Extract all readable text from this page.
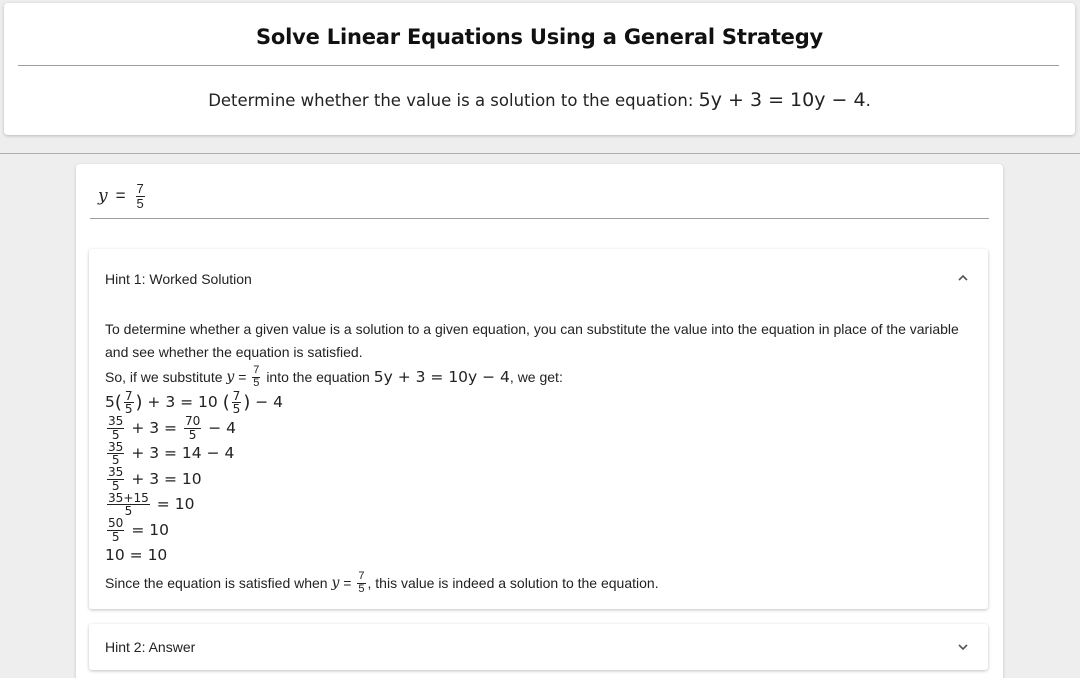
Solve Linear Equations Using a General Strategy
Determine whether the value is a solution to the equation: 5y + 3 = 10y − 4.
$y = \frac{7}{5}$
Hint 1: Worked Solution

To determine whether a given value is a solution to a given equation, you can substitute the value into the equation in place of the variable and see whether the equation is satisfied.

So, if we substitute
y
=
$\frac{7}{5}$
into the equation
5y + 3 = 10y − 4 , we get:
5 ( $\frac{7}{5}$ )
+ 3 = 10
( $\frac{7}{5}$ )
− 4
$\frac{35}{5}$
+ 3 =
$\frac{70}{5}$
− 4
$\frac{35}{5}$
+ 3 = 14 − 4
$\frac{35}{5}$
+ 3 = 10
$\frac{35+15}{5}$
= 10
$\frac{50}{5}$
= 10
10 = 10
Since the equation is satisfied when
y
=
$\frac{7}{5}$ , this value is indeed a solution to the equation.
Hint 2: Answer
